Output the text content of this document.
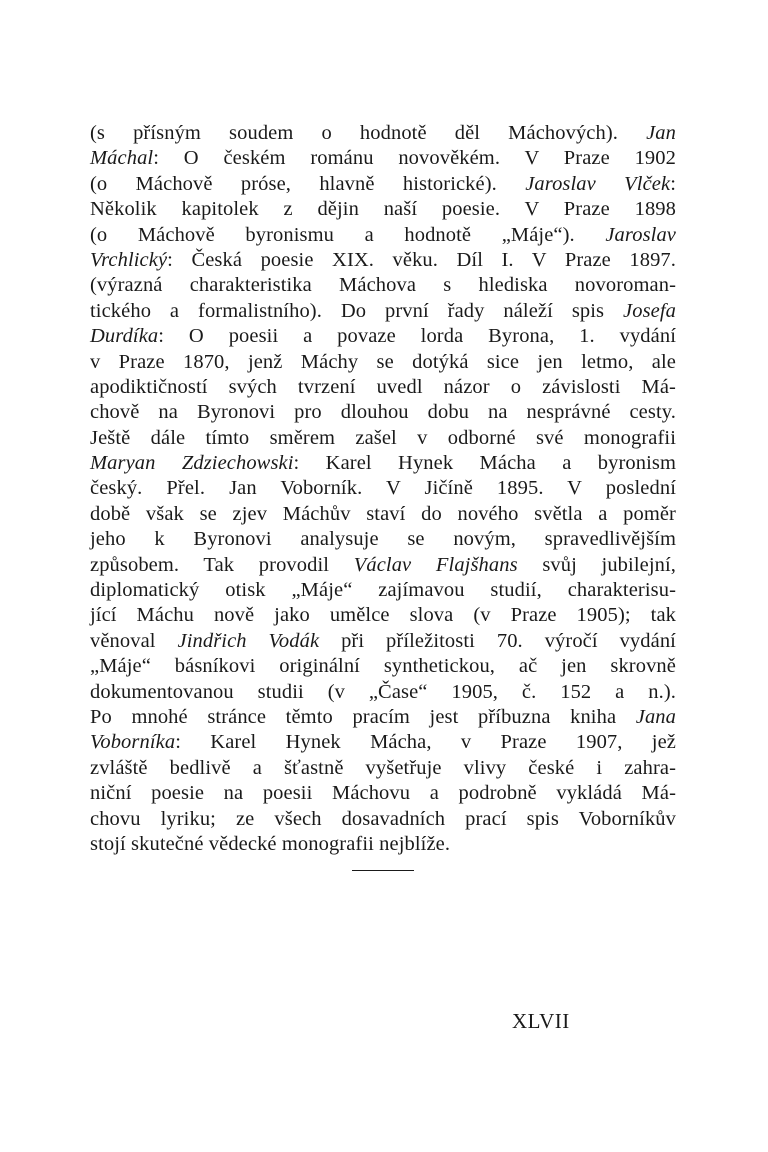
(s přísným soudem o hodnotě děl Máchových). Jan
Máchal: O českém románu novověkém. V Praze 1902
(o Máchově próse, hlavně historické). Jaroslav Vlček:
Několik kapitolek z dějin naší poesie. V Praze 1898
(o Máchově byronismu a hodnotě „Máje“). Jaroslav
Vrchlický: Česká poesie XIX. věku. Díl I. V Praze 1897.
(výrazná charakteristika Máchova s hlediska novoroman-
tického a formalistního). Do první řady náleží spis Josefa
Durdíka: O poesii a povaze lorda Byrona, 1. vydání
v Praze 1870, jenž Máchy se dotýká sice jen letmo, ale
apodiktičností svých tvrzení uvedl názor o závislosti Má-
chově na Byronovi pro dlouhou dobu na nesprávné cesty.
Ještě dále tímto směrem zašel v odborné své monografii
Maryan Zdziechowski: Karel Hynek Mácha a byronism
český. Přel. Jan Voborník. V Jičíně 1895. V poslední
době však se zjev Máchův staví do nového světla a poměr
jeho k Byronovi analysuje se novým, spravedlivějším
způsobem. Tak provodil Václav Flajšhans svůj jubilejní,
diplomatický otisk „Máje“ zajímavou studií, charakterisu-
jící Máchu nově jako umělce slova (v Praze 1905); tak
věnoval Jindřich Vodák při příležitosti 70. výročí vydání
„Máje“ básníkovi originální synthetickou, ač jen skrovně
dokumentovanou studii (v „Čase“ 1905, č. 152 a n.).
Po mnohé stránce těmto pracím jest příbuzna kniha Jana
Voborníka: Karel Hynek Mácha, v Praze 1907, jež
zvláště bedlivě a šťastně vyšetřuje vlivy české i zahra-
niční poesie na poesii Máchovu a podrobně vykládá Má-
chovu lyriku; ze všech dosavadních prací spis Voborníkův
stojí skutečné vědecké monografii nejblíže.
XLVII
